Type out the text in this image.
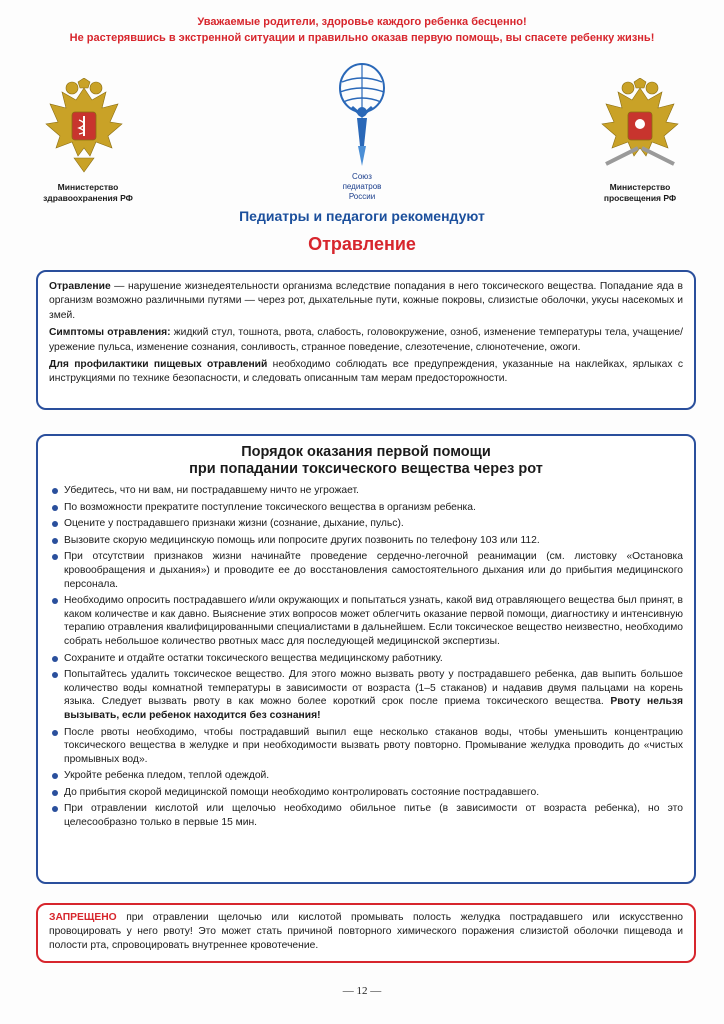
Уважаемые родители, здоровье каждого ребенка бесценно!
Не растерявшись в экстренной ситуации и правильно оказав первую помощь, вы спасете ребенку жизнь!
Министерство
здравоохранения РФ
Союз
педиатров
России
Министерство
просвещения РФ
Педиатры и педагоги рекомендуют
Отравление

Отравление — нарушение жизнедеятельности организма вследствие попадания в него токсического вещества. Попадание яда в организм возможно различными путями — через рот, дыхательные пути, кожные покровы, слизистые оболочки, укусы насекомых и змей.

Симптомы отравления: жидкий стул, тошнота, рвота, слабость, головокружение, озноб, изменение температуры тела, учащение/урежение пульса, изменение сознания, сонливость, странное поведение, слезотечение, слюнотечение, ожоги.

Для профилактики пищевых отравлений необходимо соблюдать все предупреждения, указанные на наклейках, ярлыках с инструкциями по технике безопасности, и следовать описанным там мерам предосторожности.

Порядок оказания первой помощи
при попадании токсического вещества через рот
Убедитесь, что ни вам, ни пострадавшему ничто не угрожает.
По возможности прекратите поступление токсического вещества в организм ребенка.
Оцените у пострадавшего признаки жизни (сознание, дыхание, пульс).
Вызовите скорую медицинскую помощь или попросите других позвонить по телефону 103 или 112.
При отсутствии признаков жизни начинайте проведение сердечно-легочной реанимации (см. листовку «Остановка кровообращения и дыхания») и проводите ее до восстановления самостоятельного дыхания или до прибытия медицинского персонала.
Необходимо опросить пострадавшего и/или окружающих и попытаться узнать, какой вид отравляющего вещества был принят, в каком количестве и как давно. Выяснение этих вопросов может облегчить оказание первой помощи, диагностику и интенсивную терапию отравления квалифицированными специалистами в дальнейшем. Если токсическое вещество неизвестно, необходимо собрать небольшое количество рвотных масс для последующей медицинской экспертизы.
Сохраните и отдайте остатки токсического вещества медицинскому работнику.
Попытайтесь удалить токсическое вещество. Для этого можно вызвать рвоту у пострадавшего ребенка, дав выпить большое количество воды комнатной температуры в зависимости от возраста (1–5 стаканов) и надавив двумя пальцами на корень языка. Следует вызвать рвоту в как можно более короткий срок после приема токсического вещества. Рвоту нельзя вызывать, если ребенок находится без сознания!
После рвоты необходимо, чтобы пострадавший выпил еще несколько стаканов воды, чтобы уменьшить концентрацию токсического вещества в желудке и при необходимости вызвать рвоту повторно. Промывание желудка проводить до «чистых промывных вод».
Укройте ребенка пледом, теплой одеждой.
До прибытия скорой медицинской помощи необходимо контролировать состояние пострадавшего.
При отравлении кислотой или щелочью необходимо обильное питье (в зависимости от возраста ребенка), но это целесообразно только в первые 15 мин.
ЗАПРЕЩЕНО при отравлении щелочью или кислотой промывать полость желудка пострадавшего или искусственно провоцировать у него рвоту! Это может стать причиной повторного химического поражения слизистой оболочки пищевода и полости рта, спровоцировать внутреннее кровотечение.
— 12 —
